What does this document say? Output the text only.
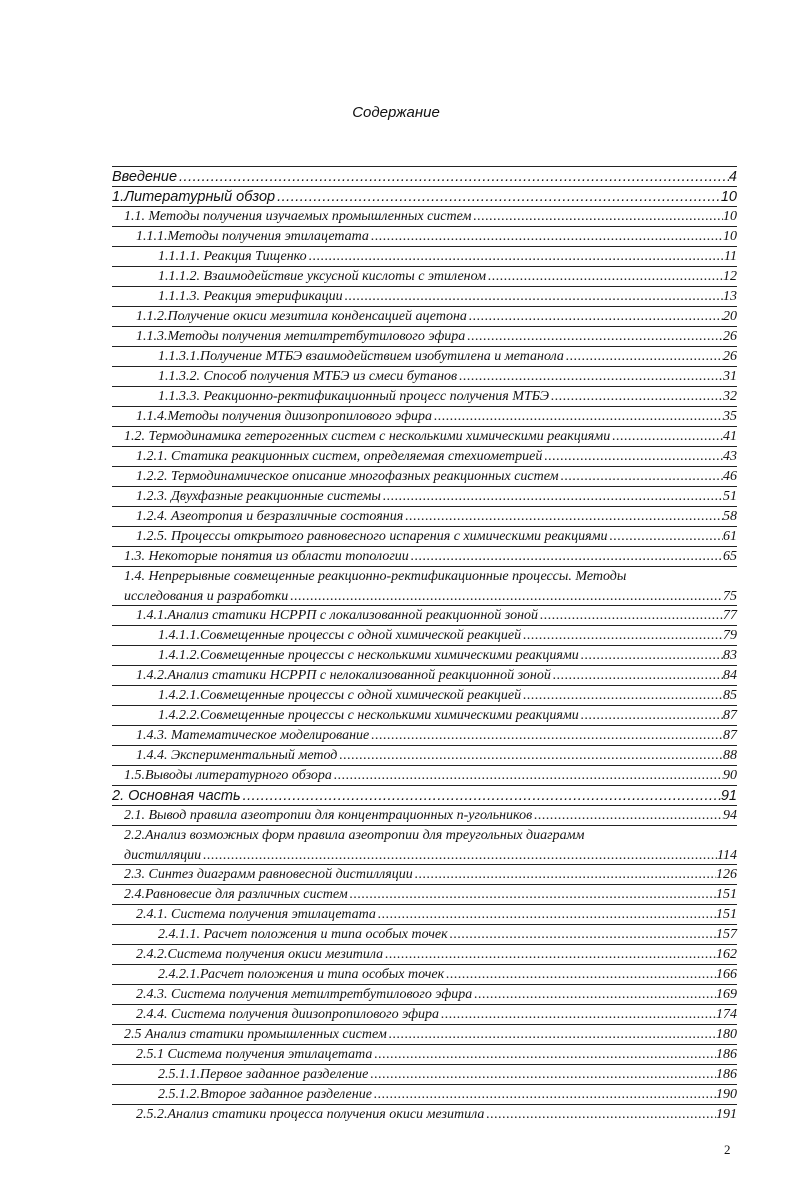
Содержание
Введение .....	4
1.Литературный обзор .....	10
1.1. Методы получения изучаемых промышленных систем .....	10
1.1.1.Методы получения этилацетата .....	10
1.1.1.1. Реакция Тищенко .....	11
1.1.1.2. Взаимодействие уксусной кислоты с этиленом .....	12
1.1.1.3. Реакция этерификации .....	13
1.1.2.Получение окиси мезитила конденсацией ацетона .....	20
1.1.3.Методы получения метилтретбутилового эфира .....	26
1.1.3.1.Получение МТБЭ взаимодействием изобутилена и метанола .....	26
1.1.3.2. Способ получения МТБЭ из смеси бутанов .....	31
1.1.3.3. Реакционно-ректификационный процесс получения МТБЭ .....	32
1.1.4.Методы получения диизопропилового эфира .....	35
1.2. Термодинамика гетерогенных систем с несколькими химическими реакциями .....	41
1.2.1. Статика реакционных систем, определяемая стехиометрией .....	43
1.2.2. Термодинамическое описание многофазных реакционных систем .....	46
1.2.3. Двухфазные реакционные системы .....	51
1.2.4. Азеотропия и безразличные состояния .....	58
1.2.5. Процессы открытого равновесного испарения с химическими реакциями .....	61
1.3. Некоторые понятия из области топологии .....	65
1.4. Непрерывные совмещенные реакционно-ректификационные процессы. Методы
исследования и разработки .....	75
1.4.1.Анализ статики НСРРП с локализованной реакционной зоной .....	77
1.4.1.1.Совмещенные процессы с одной химической реакцией .....	79
1.4.1.2.Совмещенные процессы с несколькими химическими реакциями .....	83
1.4.2.Анализ статики НСРРП с нелокализованной реакционной зоной .....	84
1.4.2.1.Совмещенные процессы с одной химической реакцией .....	85
1.4.2.2.Совмещенные процессы с несколькими химическими реакциями .....	87
1.4.3. Математическое моделирование .....	87
1.4.4. Экспериментальный метод .....	88
1.5.Выводы литературного обзора .....	90
2. Основная часть .....	91
2.1. Вывод правила азеотропии для концентрационных n-угольников .....	94
2.2.Анализ возможных форм правила азеотропии для треугольных диаграмм
дистилляции .....	114
2.3. Синтез диаграмм равновесной дистилляции .....	126
2.4.Равновесие для различных систем .....	151
2.4.1. Система получения этилацетата .....	151
2.4.1.1. Расчет положения и типа особых точек .....	157
2.4.2.Система получения окиси мезитила .....	162
2.4.2.1.Расчет положения и типа особых точек .....	166
2.4.3. Система получения метилтретбутилового эфира .....	169
2.4.4. Система получения диизопропилового эфира .....	174
2.5 Анализ статики промышленных систем .....	180
2.5.1 Система получения этилацетата .....	186
2.5.1.1.Первое заданное разделение .....	186
2.5.1.2.Второе заданное разделение .....	190
2.5.2.Анализ статики процесса получения окиси мезитила .....	191
2
